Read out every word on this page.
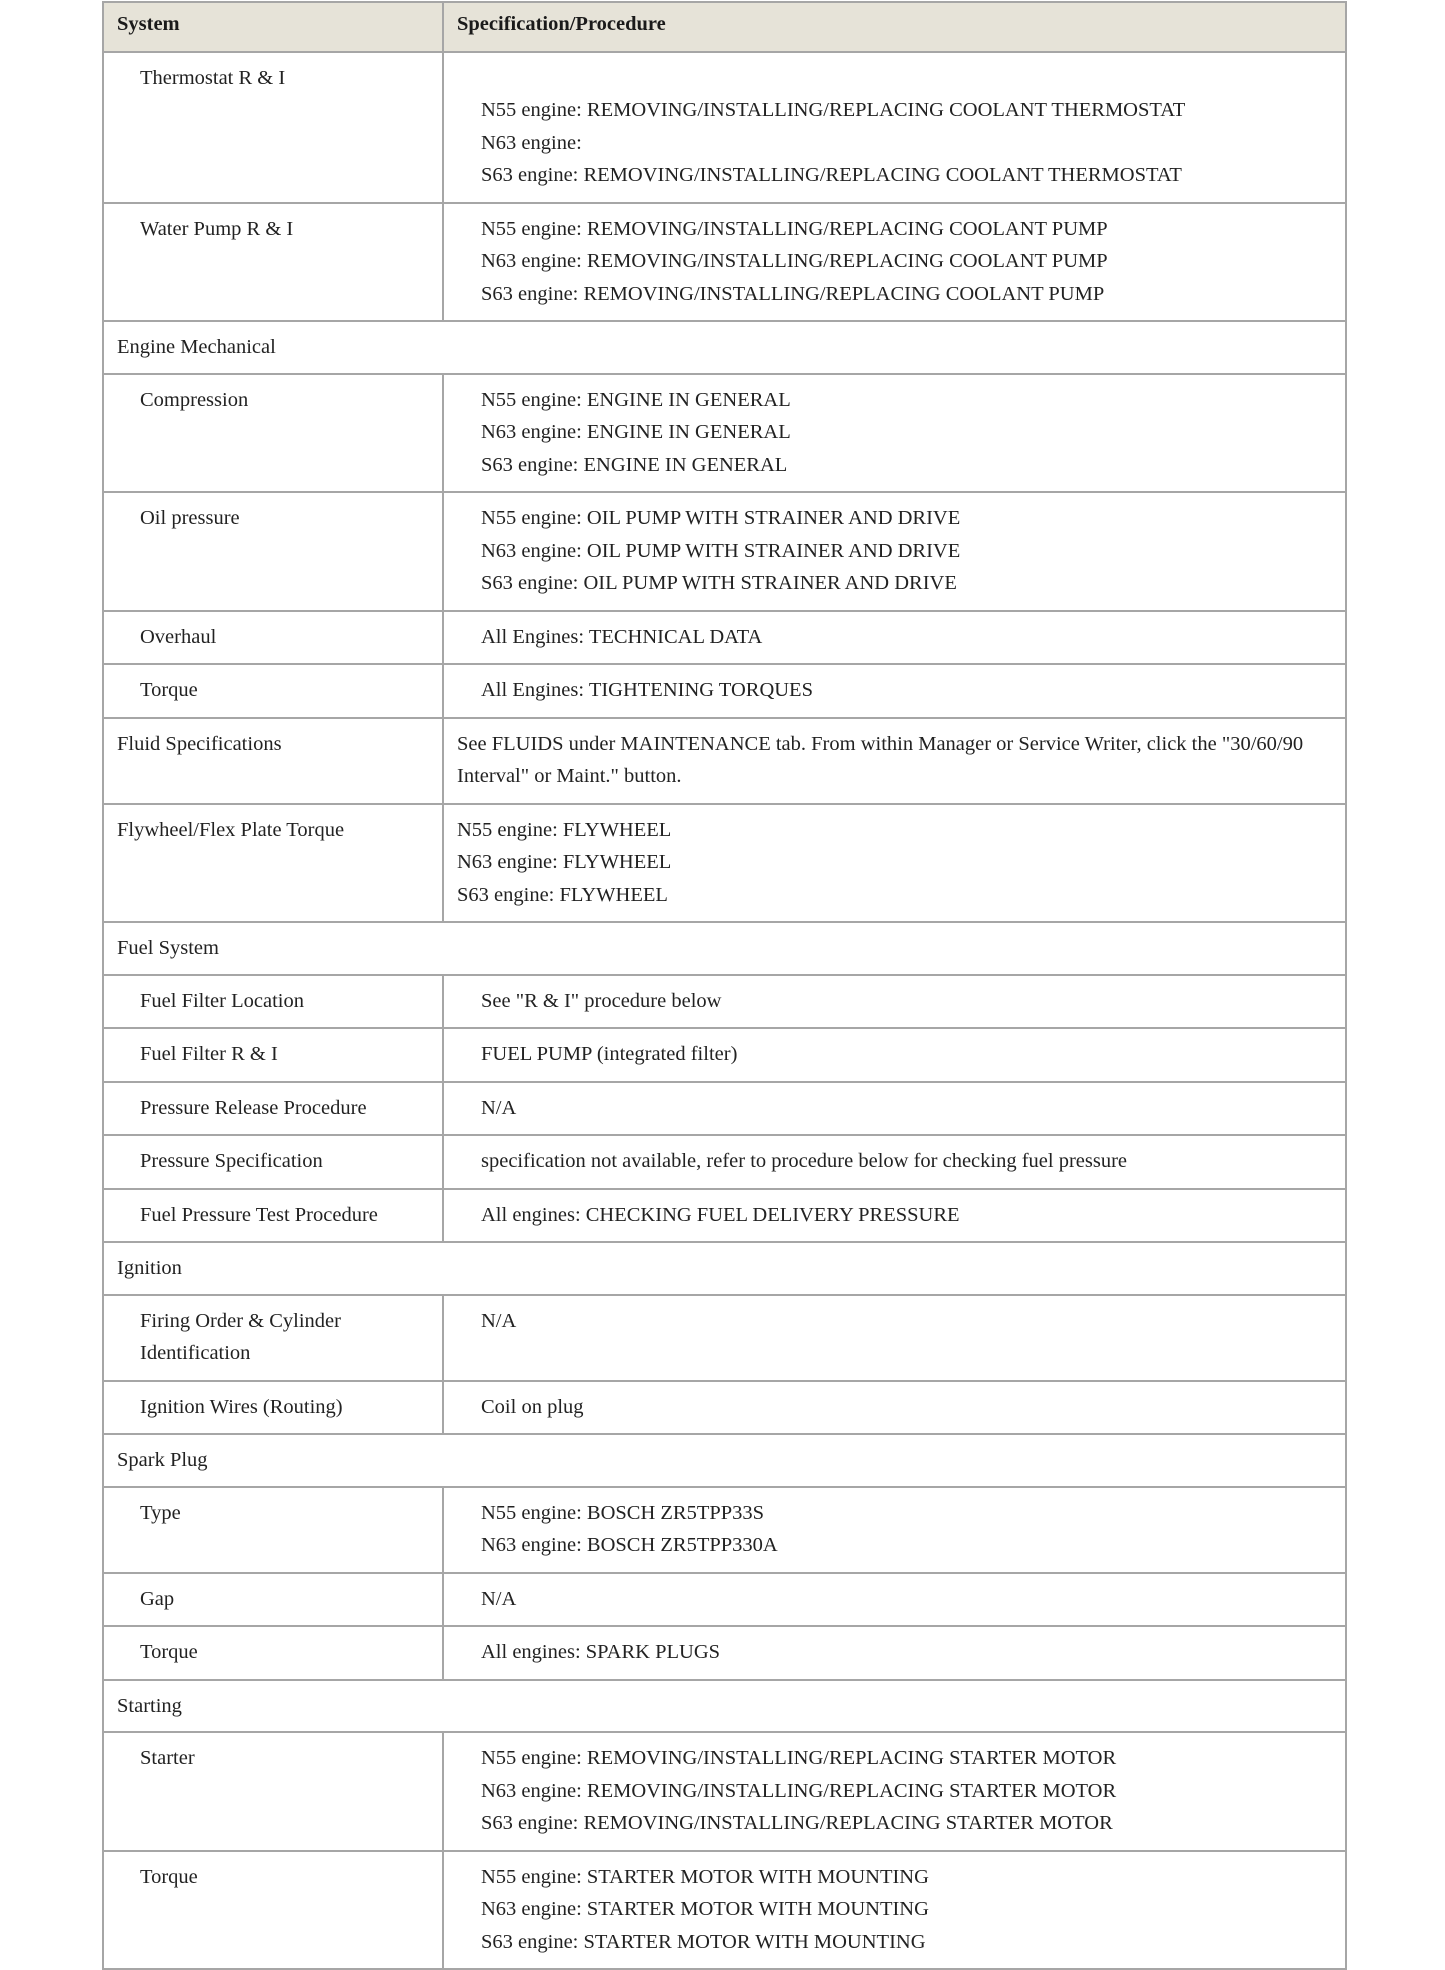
System	Specification/Procedure
Thermostat R & I	N55 engine: REMOVING/INSTALLING/REPLACING COOLANT THERMOSTAT
N63 engine:
S63 engine: REMOVING/INSTALLING/REPLACING COOLANT THERMOSTAT

Water Pump R & I	N55 engine: REMOVING/INSTALLING/REPLACING COOLANT PUMP
N63 engine: REMOVING/INSTALLING/REPLACING COOLANT PUMP
S63 engine: REMOVING/INSTALLING/REPLACING COOLANT PUMP

Engine Mechanical	
Compression	N55 engine: ENGINE IN GENERAL
N63 engine: ENGINE IN GENERAL
S63 engine: ENGINE IN GENERAL

Oil pressure	N55 engine: OIL PUMP WITH STRAINER AND DRIVE
N63 engine: OIL PUMP WITH STRAINER AND DRIVE
S63 engine: OIL PUMP WITH STRAINER AND DRIVE

Overhaul	All Engines: TECHNICAL DATA

Torque	All Engines: TIGHTENING TORQUES

Fluid Specifications	See FLUIDS under MAINTENANCE tab. From within Manager or Service Writer, click the "30/60/90 Interval" or Maint." button.

Flywheel/Flex Plate Torque	N55 engine: FLYWHEEL
N63 engine: FLYWHEEL
S63 engine: FLYWHEEL

Fuel System	
Fuel Filter Location	See "R & I" procedure below

Fuel Filter R & I	FUEL PUMP (integrated filter)

Pressure Release Procedure	N/A

Pressure Specification	specification not available, refer to procedure below for checking fuel pressure

Fuel Pressure Test Procedure	All engines: CHECKING FUEL DELIVERY PRESSURE

Ignition	
Firing Order & Cylinder Identification	N/A

Ignition Wires (Routing)	Coil on plug

Spark Plug	
Type	N55 engine: BOSCH ZR5TPP33S
N63 engine: BOSCH ZR5TPP330A

Gap	N/A

Torque	All engines: SPARK PLUGS

Starting	
Starter	N55 engine: REMOVING/INSTALLING/REPLACING STARTER MOTOR
N63 engine: REMOVING/INSTALLING/REPLACING STARTER MOTOR
S63 engine: REMOVING/INSTALLING/REPLACING STARTER MOTOR

Torque	N55 engine: STARTER MOTOR WITH MOUNTING
N63 engine: STARTER MOTOR WITH MOUNTING
S63 engine: STARTER MOTOR WITH MOUNTING
